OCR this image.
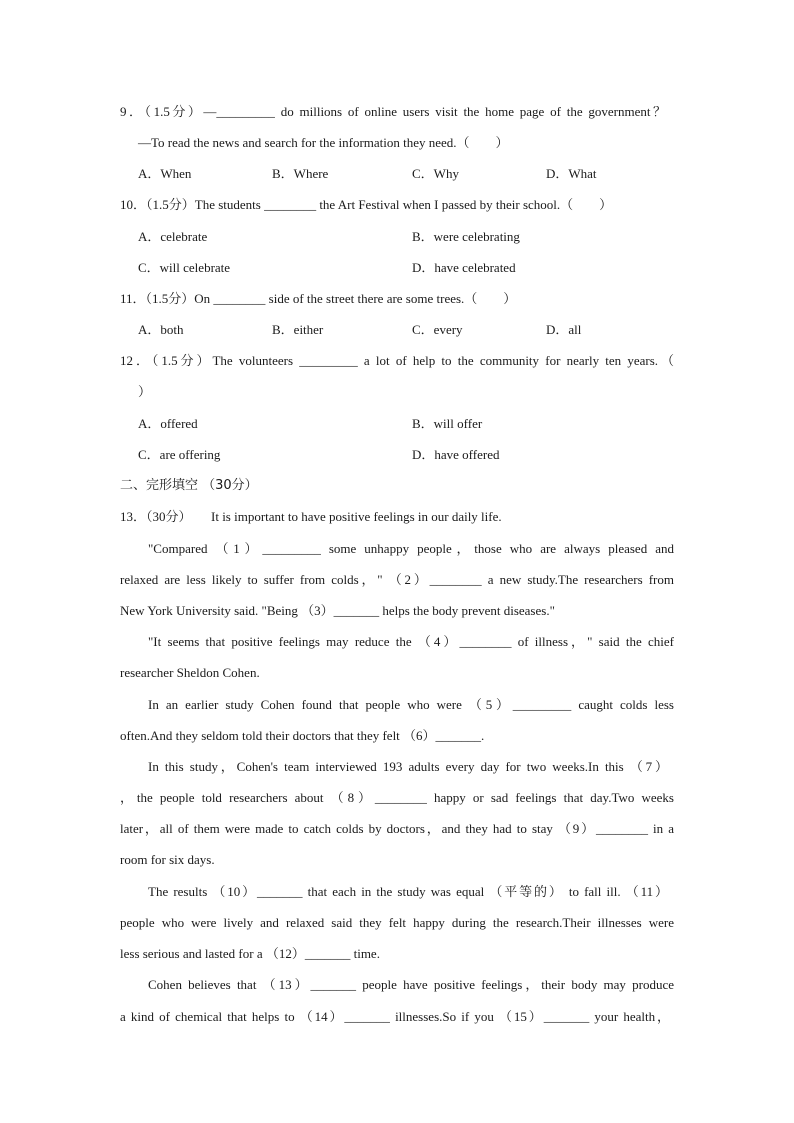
9．（1.5分）—_________ do millions of online users visit the home page of the government？
—To read the news and search for the information they need.（　　）
A．When	B．Where	C．Why	D．What
10．（1.5分）The students ________ the Art Festival when I passed by their school.（　　）
A．celebrate	B．were celebrating
C．will celebrate	D．have celebrated
11．（1.5分）On ________ side of the street there are some trees.（　　）
A．both	B．either	C．every	D．all
12．（1.5分）The volunteers _________ a lot of help to the community for nearly ten years.（
）
A．offered	B．will offer
C．are offering	D．have offered
二、完形填空 （30分）
13．（30分）　　It is important to have positive feelings in our daily life.
"Compared （1）_________ some unhappy people，those who are always pleased and
relaxed are less likely to suffer from colds，" （2）________ a new study.The researchers from
New York University said. "Being （3）_______ helps the body prevent diseases."
"It seems that positive feelings may reduce the （4）________ of illness，" said the chief
researcher Sheldon Cohen.
In an earlier study Cohen found that people who were （5）_________ caught colds less
often.And they seldom told their doctors that they felt （6）_______.
In this study，Cohen's team interviewed 193 adults every day for two weeks.In this （7）
，the people told researchers about （8）________ happy or sad feelings that day.Two weeks
later，all of them were made to catch colds by doctors，and they had to stay （9）________ in a
room for six days.
The results （10）_______ that each in the study was equal （平等的） to fall ill. （11）
people who were lively and relaxed said they felt happy during the research.Their illnesses were
less serious and lasted for a （12）_______ time.
Cohen believes that （13）_______ people have positive feelings，their body may produce
a kind of chemical that helps to （14）_______ illnesses.So if you （15）_______ your health，
